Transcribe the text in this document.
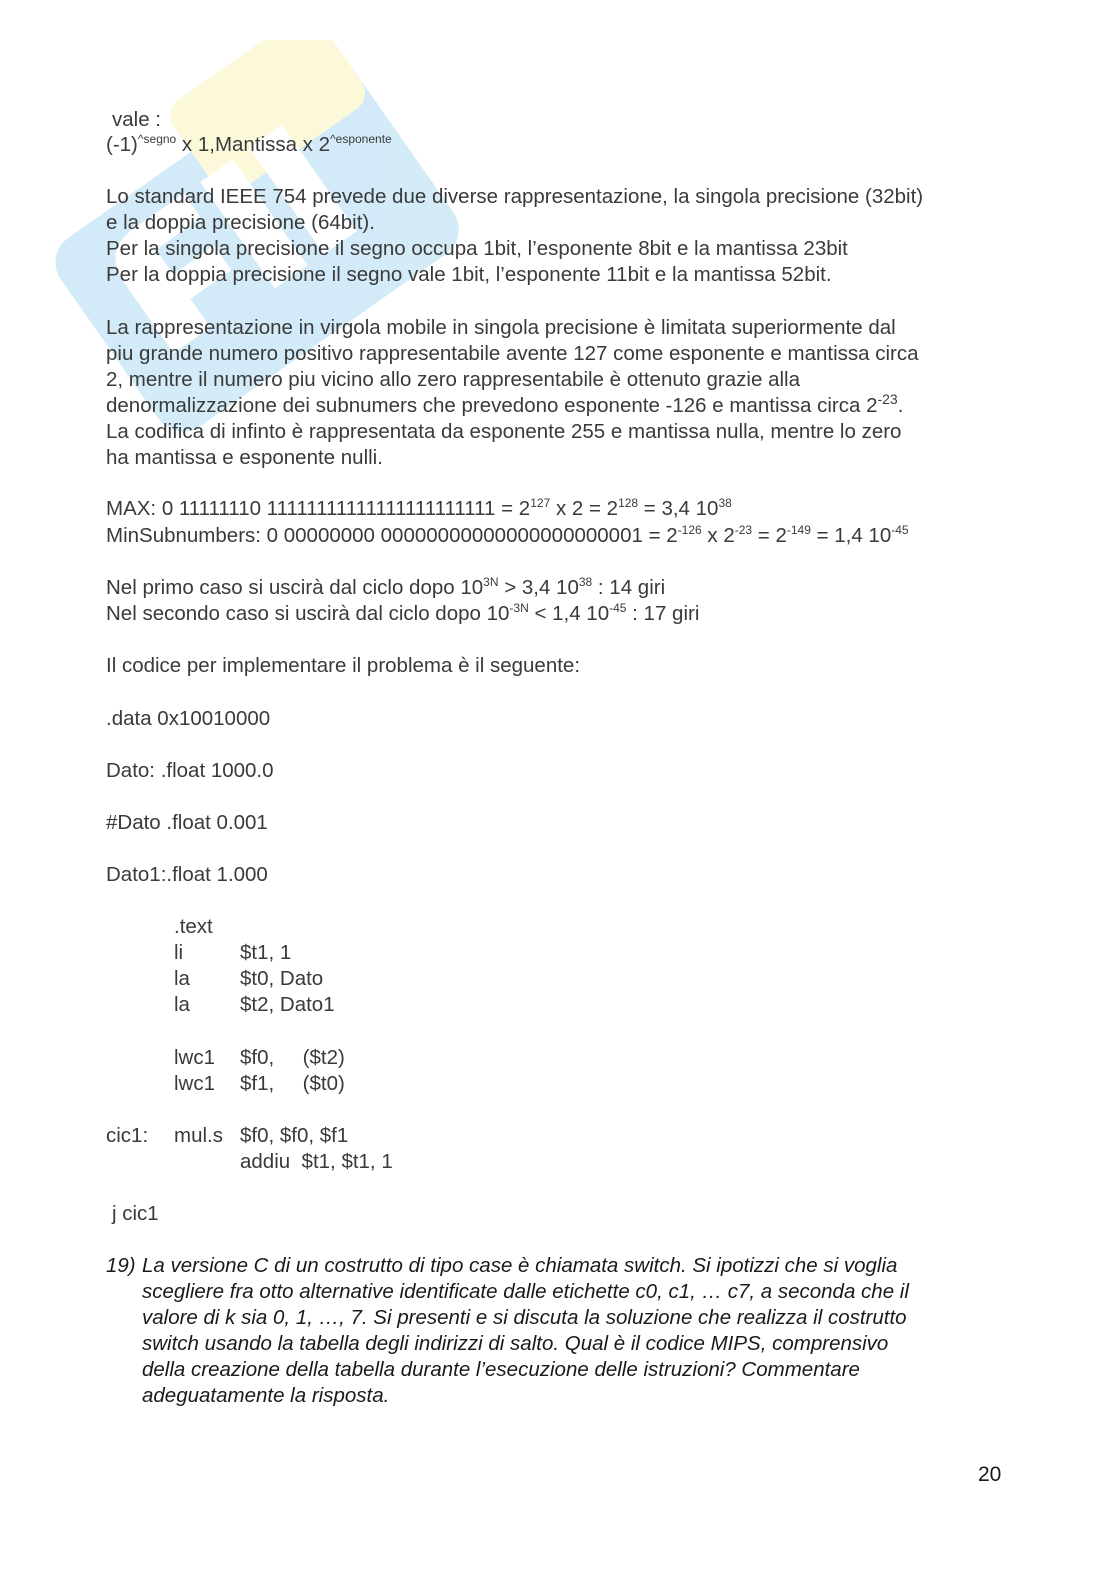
vale :
$(-1)^{\^{}segno}$ x 1,Mantissa x $2^{\^{}esponente}$
Lo standard IEEE 754 prevede due diverse rappresentazione, la singola precisione (32bit)
e la doppia precisione (64bit).
Per la singola precisione il segno occupa 1bit, l’esponente 8bit e la mantissa 23bit
Per la doppia precisione il segno vale 1bit, l’esponente 11bit e la mantissa 52bit.
La rappresentazione in virgola mobile in singola precisione è limitata superiormente dal
piu grande numero positivo rappresentabile avente 127 come esponente e mantissa circa
2, mentre il numero piu vicino allo zero rappresentabile è ottenuto grazie alla
denormalizzazione dei subnumers che prevedono esponente -126 e mantissa circa $2^{-23}$.
La codifica di infinto è rappresentata da esponente 255 e mantissa nulla, mentre lo zero
ha mantissa e esponente nulli.
MAX: 0 11111110 $11111111111111111111111 = 2^{127}$ x $2 = 2^{128} = 3,4$ $10^{38}$
MinSubnumbers: 0 00000000 $00000000000000000000001 = 2^{-126}$ x $2^{-23} = 2^{-149} = 1,4$ $10^{-45}$
Nel primo caso si uscirà dal ciclo dopo $10^{3N} > 3,4$ $10^{38}$ : 14 giri
Nel secondo caso si uscirà dal ciclo dopo $10^{-3N} < 1,4$ $10^{-45}$ : 17 giri
Il codice per implementare il problema è il seguente:
.data 0x10010000
Dato: .float 1000.0
#Dato .float 0.001
Dato1:.float 1.000
.text
li	$t1, 1
la $t0, Dato
la $t2, Dato1
lwc1 $f0,     ($t2)
lwc1 $f1,     ($t0)
cic1: mul.s $f0, $f0, $f1
addiu  $t1, $t1, 1
j cic1
19) La versione C di un costrutto di tipo case è chiamata switch. Si ipotizzi che si voglia
scegliere fra otto alternative identificate dalle etichette c0, c1, … c7, a seconda che il
valore di k sia 0, 1, …, 7. Si presenti e si discuta la soluzione che realizza il costrutto
switch usando la tabella degli indirizzi di salto. Qual è il codice MIPS, comprensivo
della creazione della tabella durante l’esecuzione delle istruzioni? Commentare
adeguatamente la risposta.
20
